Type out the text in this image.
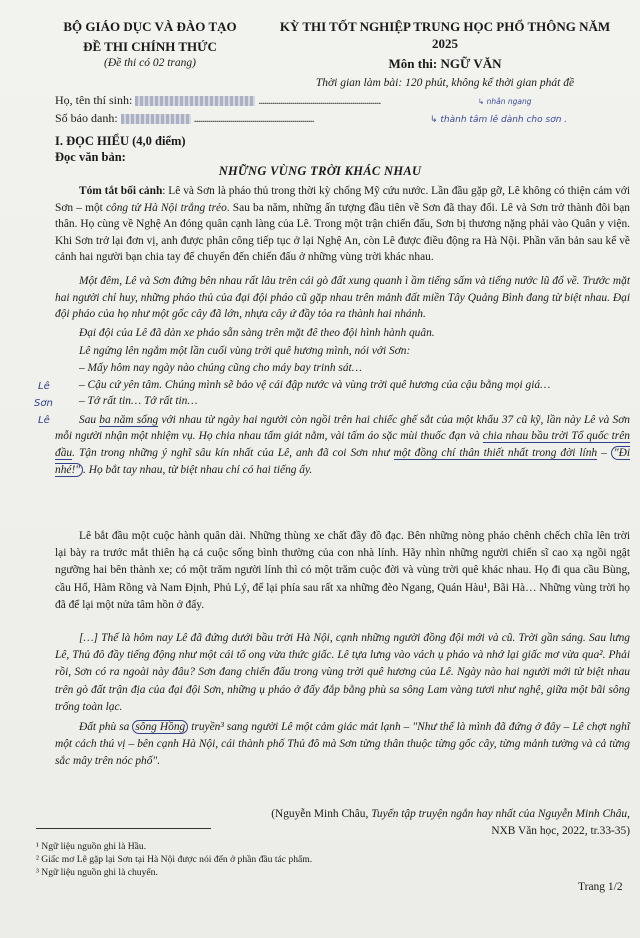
BỘ GIÁO DỤC VÀ ĐÀO TẠO
ĐỀ THI CHÍNH THỨC
(Đề thi có 02 trang)
KỲ THI TỐT NGHIỆP TRUNG HỌC PHỔ THÔNG NĂM 2025
Môn thi: NGỮ VĂN
Thời gian làm bài: 120 phút, không kể thời gian phát đề
Họ, tên thí sinh:	.............................................................
Số báo danh:	............................................................
↳ nhân ngang
↳ thành tâm lê dành cho sơn .
I. ĐỌC HIỂU (4,0 điểm)
Đọc văn bản:
NHỮNG VÙNG TRỜI KHÁC NHAU

Tóm tắt bối cảnh: Lê và Sơn là pháo thủ trong thời kỳ chống Mỹ cứu nước. Lần đầu gặp gỡ, Lê không có thiện cảm với Sơn – một công tử Hà Nội trắng trẻo. Sau ba năm, những ấn tượng đầu tiên về Sơn đã thay đổi. Lê và Sơn trở thành đôi bạn thân. Họ cùng về Nghệ An đóng quân cạnh làng của Lê. Trong một trận chiến đấu, Sơn bị thương nặng phải vào Quân y viện. Khi Sơn trở lại đơn vị, anh được phân công tiếp tục ở lại Nghệ An, còn Lê được điều động ra Hà Nội. Phần văn bản sau kể về cảnh hai người bạn chia tay để chuyển đến chiến đấu ở những vùng trời khác nhau.

Một đêm, Lê và Sơn đứng bên nhau rất lâu trên cái gò đất xung quanh ì ầm tiếng sấm và tiếng nước lũ đổ về. Trước mặt hai người chỉ huy, những pháo thủ của đại đội pháo cũ gặp nhau trên mảnh đất miền Tây Quảng Bình đang từ biệt nhau. Đại đội pháo của họ như một gốc cây đã lớn, nhựa cây ứ đầy tỏa ra thành hai nhánh.

Đại đội của Lê đã dàn xe pháo sẵn sàng trên mặt đê theo đội hình hành quân.

Lê ngửng lên ngắm một lần cuối vùng trời quê hương mình, nói với Sơn:

– Mấy hôm nay ngày nào chúng cũng cho máy bay trinh sát…

– Cậu cứ yên tâm. Chúng mình sẽ bảo vệ cái đập nước và vùng trời quê hương của cậu bằng mọi giá…

– Tớ rất tin… Tớ rất tin…

Sau ba năm sống với nhau từ ngày hai người còn ngồi trên hai chiếc ghế sắt của một khẩu 37 cũ kỹ, lần này Lê và Sơn mỗi người nhận một nhiệm vụ. Họ chia nhau tấm giát nằm, vài tấm áo sặc mùi thuốc đạn và chia nhau bầu trời Tổ quốc trên đầu. Tận trong những ý nghĩ sâu kín nhất của Lê, anh đã coi Sơn như một đồng chí thân thiết nhất trong đời lính – "Đi nhé!" . Họ bắt tay nhau, từ biệt nhau chỉ có hai tiếng ấy.

Lê bắt đầu một cuộc hành quân dài. Những thùng xe chất đầy đồ đạc. Bên những nòng pháo chênh chếch chĩa lên trời lại bày ra trước mắt thiên hạ cả cuộc sống bình thường của con nhà lính. Hãy nhìn những người chiến sĩ cao xạ ngồi ngật ngưỡng hai bên thành xe; có một trăm người lính thì có một trăm cuộc đời và vùng trời quê khác nhau. Họ đi qua cầu Bùng, cầu Hổ, Hàm Rồng và Nam Định, Phủ Lý, để lại phía sau rất xa những đèo Ngang, Quán Hàu¹, Bãi Hà… Những vùng trời họ đã để lại một nửa tâm hồn ở đấy.

[…] Thế là hôm nay Lê đã đứng dưới bầu trời Hà Nội, cạnh những người đồng đội mới và cũ. Trời gần sáng. Sau lưng Lê, Thủ đô đầy tiếng động như một cái tổ ong vừa thức giấc. Lê tựa lưng vào vách ụ pháo và nhớ lại giấc mơ vừa qua². Phải rồi, Sơn có ra ngoài này đâu? Sơn đang chiến đấu trong vùng trời quê hương của Lê. Ngày nào hai người mới từ biệt nhau trên gò đất trận địa của đại đội Sơn, những ụ pháo ở đấy đắp bằng phù sa sông Lam vàng tươi như nghệ, giữa một bãi sông trống toàn lạc.

Đất phù sa sông Hồng truyền³ sang người Lê một cảm giác mát lạnh – "Như thể là mình đã đứng ở đây – Lê chợt nghĩ một cách thú vị – bên cạnh Hà Nội, cái thành phố Thủ đô mà Sơn từng thân thuộc từng gốc cây, từng mảnh tường và cả từng sắc mây trên nóc phố".

Lê
Sơn
Lê
(Nguyễn Minh Châu, Tuyển tập truyện ngắn hay nhất của Nguyễn Minh Châu,
NXB Văn học, 2022, tr.33-35)
¹ Ngữ liệu nguồn ghi là Hầu.
² Giấc mơ Lê gặp lại Sơn tại Hà Nội được nói đến ở phần đầu tác phẩm.
³ Ngữ liệu nguồn ghi là chuyển.
Trang 1/2
